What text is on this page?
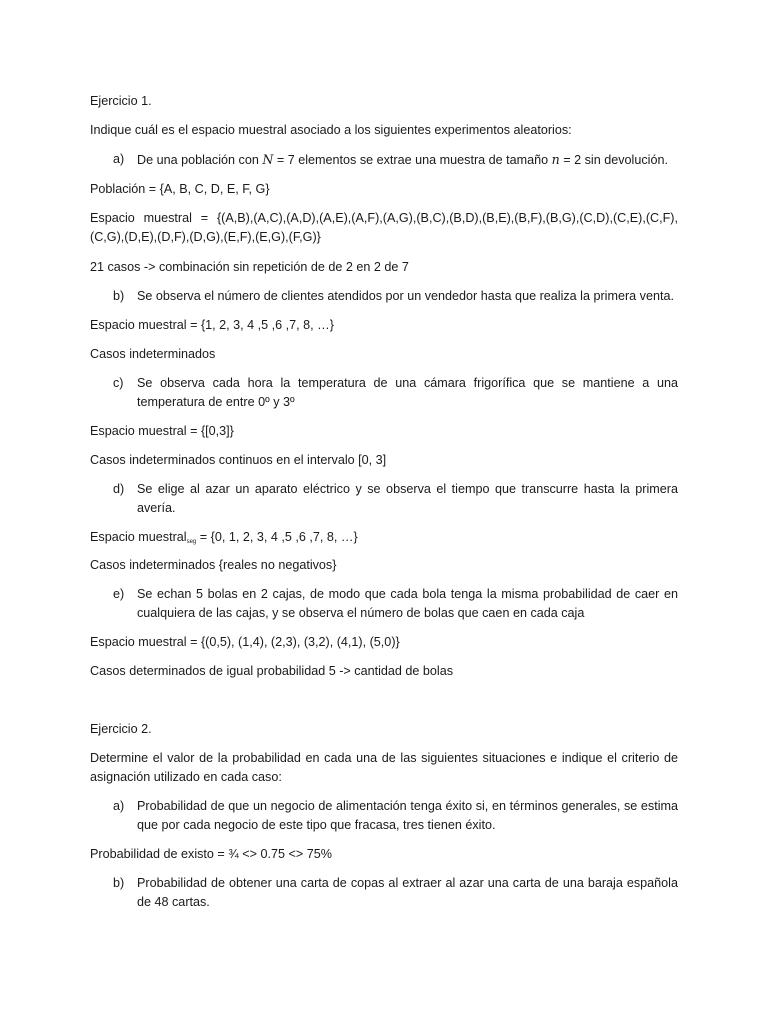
Ejercicio 1.

Indique cuál es el espacio muestral asociado a los siguientes experimentos aleatorios:

a) De una población con N = 7 elementos se extrae una muestra de tamaño n = 2 sin devolución.

Población = {A, B, C, D, E, F, G}

Espacio muestral = {(A,B),(A,C),(A,D),(A,E),(A,F),(A,G),(B,C),(B,D),(B,E),(B,F),(B,G),(C,D),(C,E),(C,F),(C,G),(D,E),(D,F),(D,G),(E,F),(E,G),(F,G)}

21 casos -> combinación sin repetición de de 2 en 2 de 7

b) Se observa el número de clientes atendidos por un vendedor hasta que realiza la primera venta.

Espacio muestral = {1, 2, 3, 4 ,5 ,6 ,7, 8, …}

Casos indeterminados

c) Se observa cada hora la temperatura de una cámara frigorífica que se mantiene a una temperatura de entre 0º y 3º

Espacio muestral = {[0,3]}

Casos indeterminados continuos en el intervalo [0, 3]

d) Se elige al azar un aparato eléctrico y se observa el tiempo que transcurre hasta la primera avería.

Espacio muestral$_{seg}$ = {0, 1, 2, 3, 4 ,5 ,6 ,7, 8, …}

Casos indeterminados {reales no negativos}

e) Se echan 5 bolas en 2 cajas, de modo que cada bola tenga la misma probabilidad de caer en cualquiera de las cajas, y se observa el número de bolas que caen en cada caja

Espacio muestral = {(0,5), (1,4), (2,3), (3,2), (4,1), (5,0)}

Casos determinados de igual probabilidad 5 -> cantidad de bolas

Ejercicio 2.

Determine el valor de la probabilidad en cada una de las siguientes situaciones e indique el criterio de asignación utilizado en cada caso:

a) Probabilidad de que un negocio de alimentación tenga éxito si, en términos generales, se estima que por cada negocio de este tipo que fracasa, tres tienen éxito.

Probabilidad de existo = ¾ <> 0.75 <> 75%

b) Probabilidad de obtener una carta de copas al extraer al azar una carta de una baraja española de 48 cartas.
